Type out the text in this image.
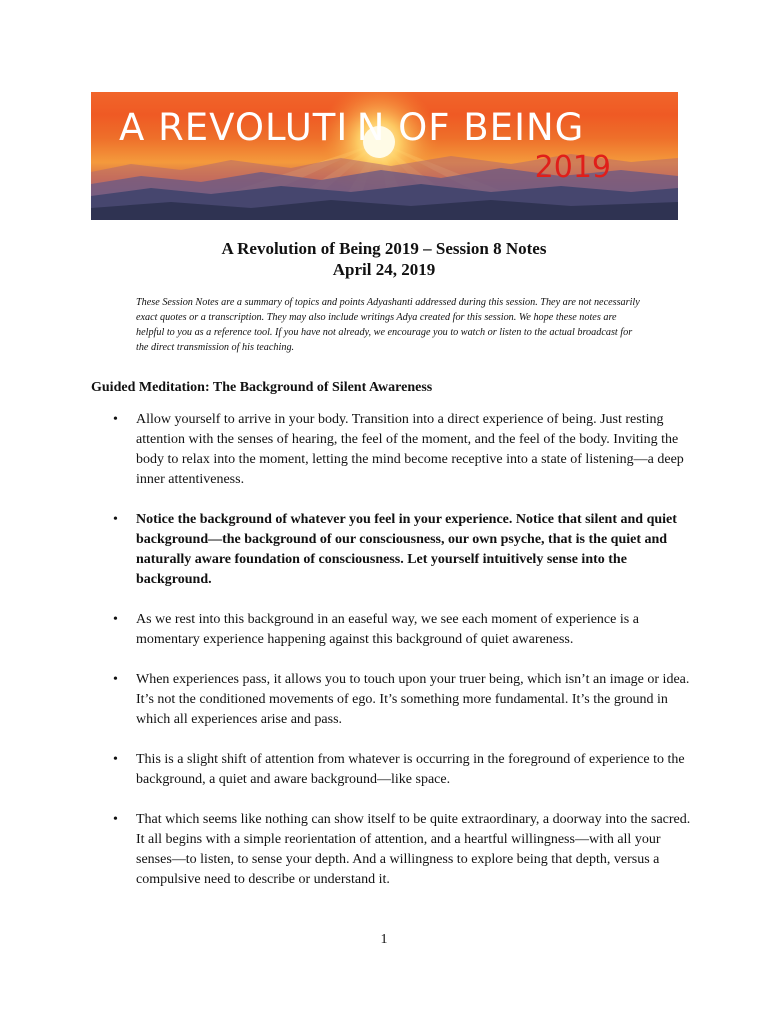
A REVOLUTI N OF BEING
2019
A Revolution of Being 2019 – Session 8 Notes
April 24, 2019
These Session Notes are a summary of topics and points Adyashanti addressed during this session. They are not necessarily exact quotes or a transcription. They may also include writings Adya created for this session. We hope these notes are helpful to you as a reference tool. If you have not already, we encourage you to watch or listen to the actual broadcast for the direct transmission of his teaching.
Guided Meditation: The Background of Silent Awareness
• Allow yourself to arrive in your body. Transition into a direct experience of being. Just resting attention with the senses of hearing, the feel of the moment, and the feel of the body. Inviting the body to relax into the moment, letting the mind become receptive into a state of listening—a deep inner attentiveness.
• Notice the background of whatever you feel in your experience. Notice that silent and quiet background—the background of our consciousness, our own psyche, that is the quiet and naturally aware foundation of consciousness. Let yourself intuitively sense into the background.
• As we rest into this background in an easeful way, we see each moment of experience is a momentary experience happening against this background of quiet awareness.
• When experiences pass, it allows you to touch upon your truer being, which isn’t an image or idea. It’s not the conditioned movements of ego. It’s something more fundamental. It’s the ground in which all experiences arise and pass.
• This is a slight shift of attention from whatever is occurring in the foreground of experience to the background, a quiet and aware background—like space.
• That which seems like nothing can show itself to be quite extraordinary, a doorway into the sacred. It all begins with a simple reorientation of attention, and a heartful willingness—with all your senses—to listen, to sense your depth. And a willingness to explore being that depth, versus a compulsive need to describe or understand it.
1
